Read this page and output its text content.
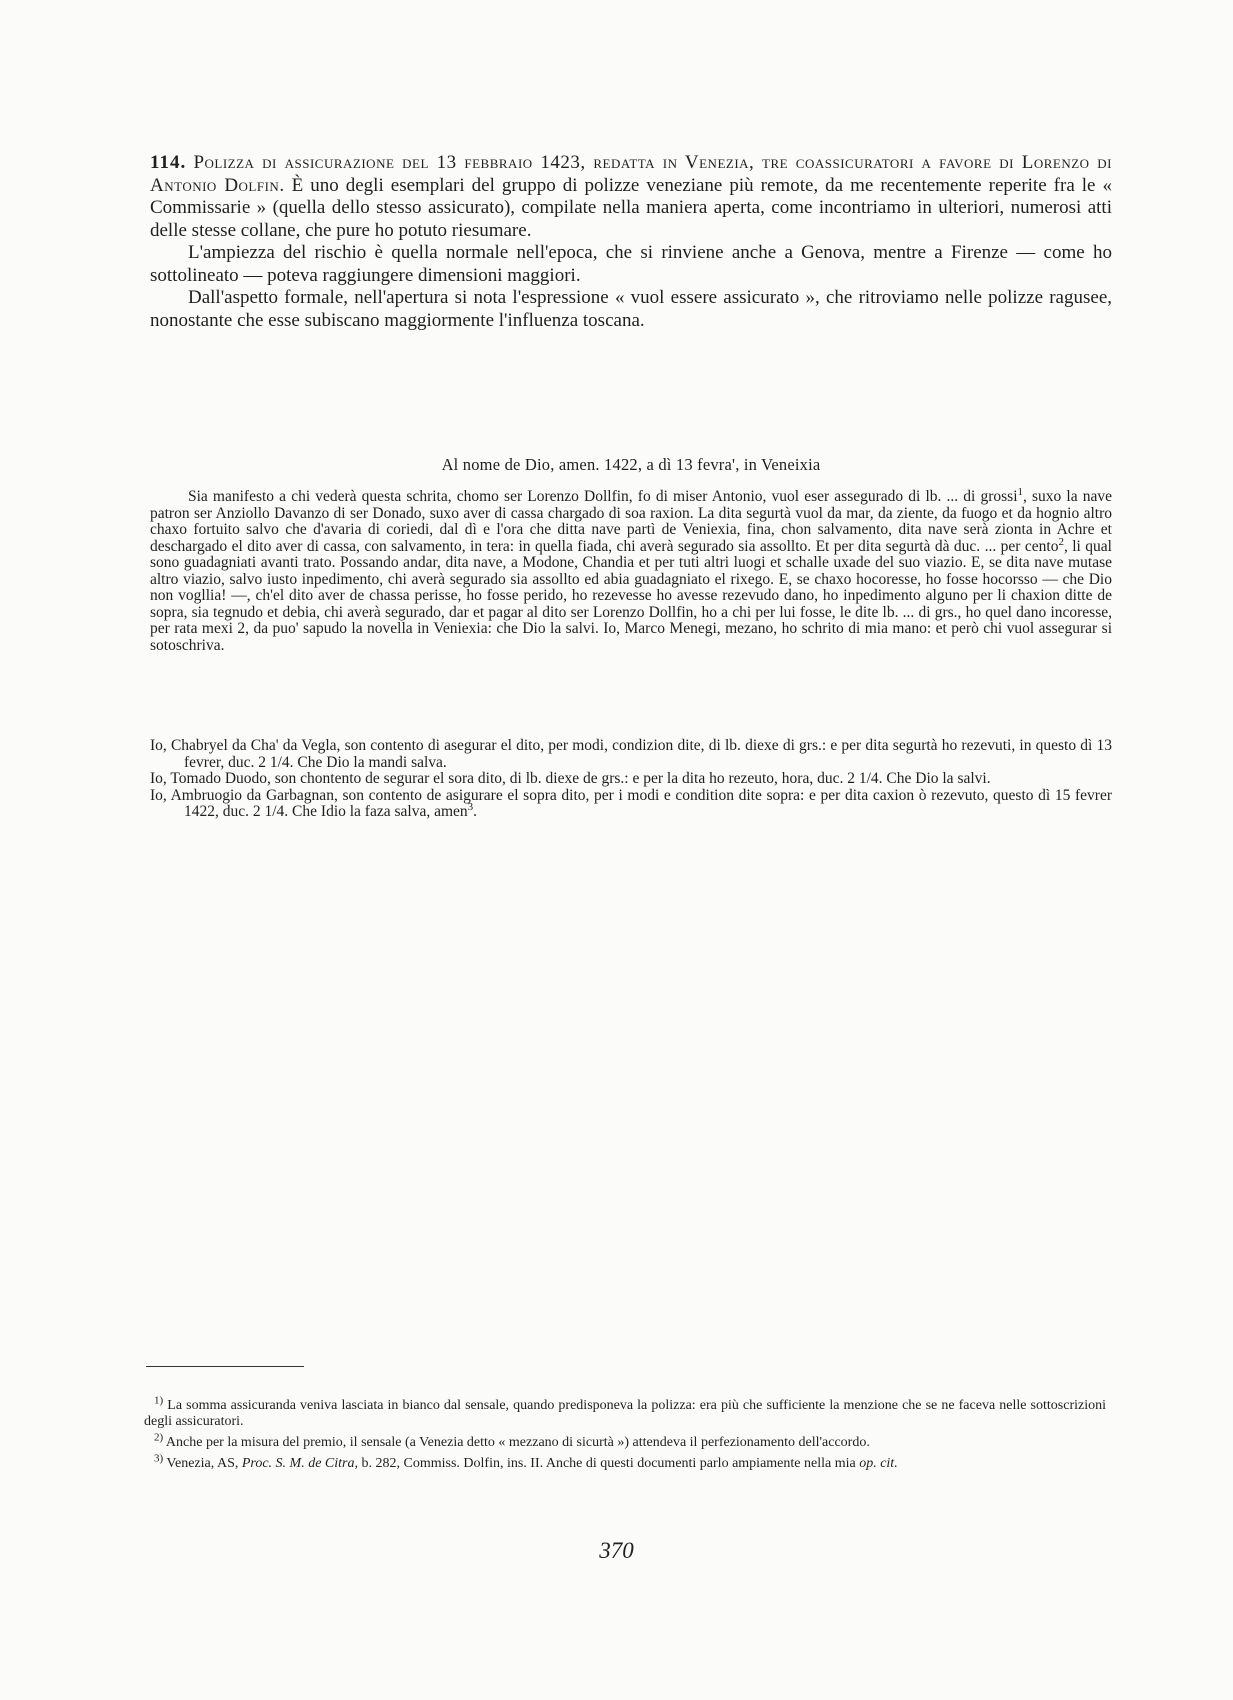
114. Polizza di assicurazione del 13 febbraio 1423, redatta in Venezia, tre coassicuratori a favore di Lorenzo di Antonio Dolfin. È uno degli esemplari del gruppo di polizze veneziane più remote, da me recentemente reperite fra le « Commissarie » (quella dello stesso assicurato), compilate nella maniera aperta, come incontriamo in ulteriori, numerosi atti delle stesse collane, che pure ho potuto riesumare.

L'ampiezza del rischio è quella normale nell'epoca, che si rinviene anche a Genova, mentre a Firenze — come ho sottolineato — poteva raggiungere dimensioni maggiori.

Dall'aspetto formale, nell'apertura si nota l'espressione « vuol essere assicurato », che ritroviamo nelle polizze ragusee, nonostante che esse subiscano maggiormente l'influenza toscana.

Al nome de Dio, amen. 1422, a dì 13 fevra', in Veneixia

Sia manifesto a chi vederà questa schrita, chomo ser Lorenzo Dollfin, fo di miser Antonio, vuol eser assegurado di lb. ... di grossi$^1$, suxo la nave patron ser Anziollo Davanzo di ser Donado, suxo aver di cassa chargado di soa raxion. La dita segurtà vuol da mar, da ziente, da fuogo et da hognio altro chaxo fortuito salvo che d'avaria di coriedi, dal dì e l'ora che ditta nave partì de Veniexia, fina, chon salvamento, dita nave serà zionta in Achre et deschargado el dito aver di cassa, con salvamento, in tera: in quella fiada, chi averà segurado sia assollto. Et per dita segurtà dà duc. ... per cento$^2$, li qual sono guadagniati avanti trato. Possando andar, dita nave, a Modone, Chandia et per tuti altri luogi et schalle uxade del suo viazio. E, se dita nave mutase altro viazio, salvo iusto inpedimento, chi averà segurado sia assollto ed abia guadagniato el rixego. E, se chaxo hocoresse, ho fosse hocorsso — che Dio non vogllia! —, ch'el dito aver de chassa perisse, ho fosse perido, ho rezevesse ho avesse rezevudo dano, ho inpedimento alguno per li chaxion ditte de sopra, sia tegnudo et debia, chi averà segurado, dar et pagar al dito ser Lorenzo Dollfin, ho a chi per lui fosse, le dite lb. ... di grs., ho quel dano incoresse, per rata mexi 2, da puo' sapudo la novella in Veniexia: che Dio la salvi. Io, Marco Menegi, mezano, ho schrito di mia mano: et però chi vuol assegurar si sotoschriva.

Io, Chabryel da Cha' da Vegla, son contento di asegurar el dito, per modi, condizion dite, di lb. diexe di grs.: e per dita segurtà ho rezevuti, in questo dì 13 fevrer, duc. 2 1/4. Che Dio la mandi salva.

Io, Tomado Duodo, son chontento de segurar el sora dito, di lb. diexe de grs.: e per la dita ho rezeuto, hora, duc. 2 1/4. Che Dio la salvi.

Io, Ambruogio da Garbagnan, son contento de asigurare el sopra dito, per i modi e condition dite sopra: e per dita caxion ò rezevuto, questo dì 15 fevrer 1422, duc. 2 1/4. Che Idio la faza salva, amen$^3$.

$^{1)}$ La somma assicuranda veniva lasciata in bianco dal sensale, quando predisponeva la polizza: era più che sufficiente la menzione che se ne faceva nelle sottoscrizioni degli assicuratori.

$^{2)}$ Anche per la misura del premio, il sensale (a Venezia detto « mezzano di sicurtà ») attendeva il perfezionamento dell'accordo.

$^{3)}$ Venezia, AS, Proc. S. M. de Citra, b. 282, Commiss. Dolfin, ins. II. Anche di questi documenti parlo ampiamente nella mia op. cit.

370
